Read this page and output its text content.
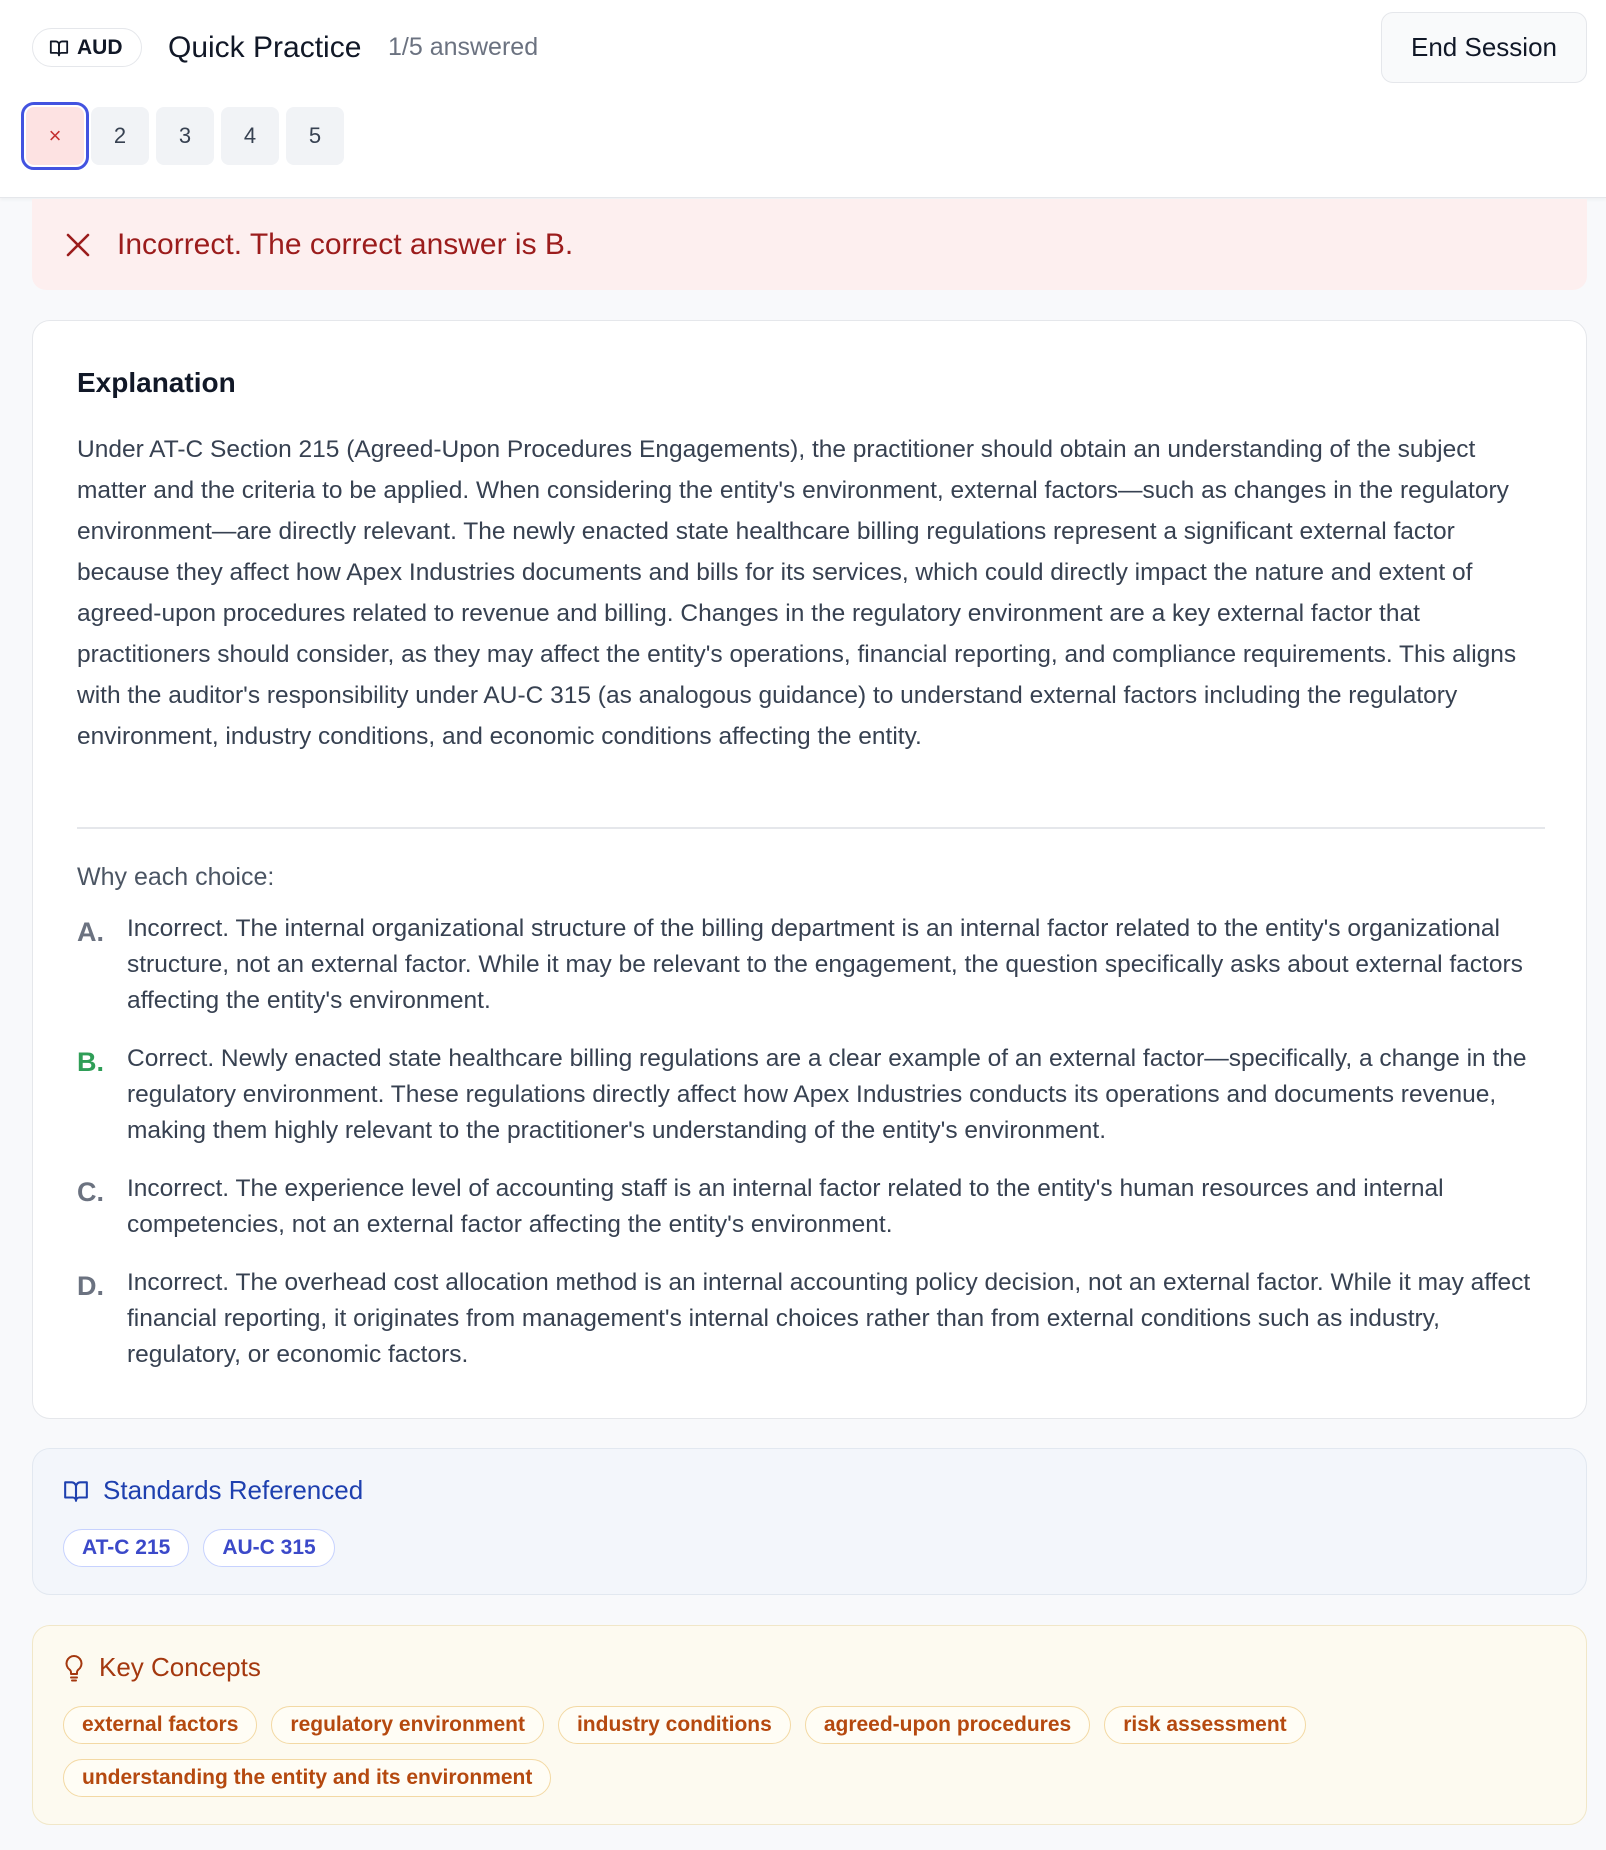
AUD Quick Practice 1/5 answered	End Session
×	2	3	4	5
Incorrect. The correct answer is B.
Explanation
Under AT-C Section 215 (Agreed-Upon Procedures Engagements), the practitioner should obtain an understanding of the subject matter and the criteria to be applied. When considering the entity's environment, external factors—such as changes in the regulatory environment—are directly relevant. The newly enacted state healthcare billing regulations represent a significant external factor because they affect how Apex Industries documents and bills for its services, which could directly impact the nature and extent of agreed-upon procedures related to revenue and billing. Changes in the regulatory environment are a key external factor that practitioners should consider, as they may affect the entity's operations, financial reporting, and compliance requirements. This aligns with the auditor's responsibility under AU-C 315 (as analogous guidance) to understand external factors including the regulatory environment, industry conditions, and economic conditions affecting the entity.
Why each choice:
A. Incorrect. The internal organizational structure of the billing department is an internal factor related to the entity's organizational structure, not an external factor. While it may be relevant to the engagement, the question specifically asks about external factors affecting the entity's environment.
B. Correct. Newly enacted state healthcare billing regulations are a clear example of an external factor—specifically, a change in the regulatory environment. These regulations directly affect how Apex Industries conducts its operations and documents revenue, making them highly relevant to the practitioner's understanding of the entity's environment.
C. Incorrect. The experience level of accounting staff is an internal factor related to the entity's human resources and internal competencies, not an external factor affecting the entity's environment.
D. Incorrect. The overhead cost allocation method is an internal accounting policy decision, not an external factor. While it may affect financial reporting, it originates from management's internal choices rather than from external conditions such as industry, regulatory, or economic factors.
Standards Referenced
AT-C 215	AU-C 315
Key Concepts
external factors	regulatory environment	industry conditions	agreed-upon procedures	risk assessment
understanding the entity and its environment
